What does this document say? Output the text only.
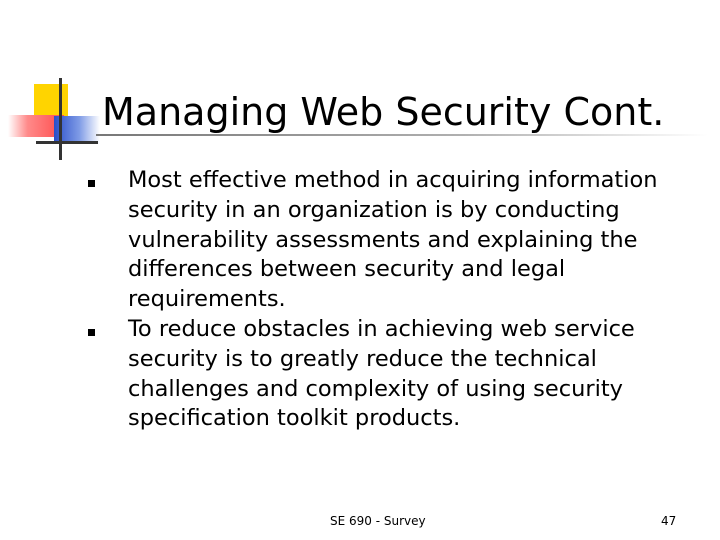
Managing Web Security Cont.
Most effective method in acquiring information security in an organization is by conducting vulnerability assessments and explaining the differences between security and legal requirements.
To reduce obstacles in achieving web service security is to greatly reduce the technical challenges and complexity of using security specification toolkit products.
SE 690 - Survey	47
